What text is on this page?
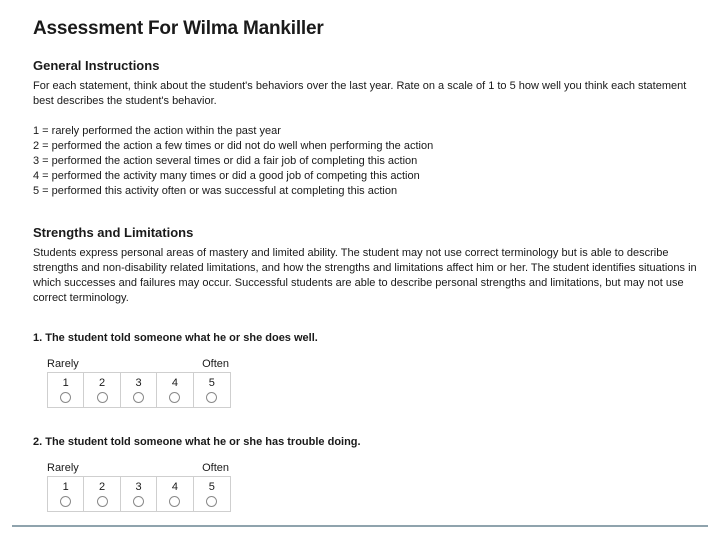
Assessment For Wilma Mankiller
General Instructions

For each statement, think about the student's behaviors over the last year. Rate on a scale of 1 to 5 how well you think each statement best describes the student's behavior.

1 = rarely performed the action within the past year
2 = performed the action a few times or did not do well when performing the action
3 = performed the action several times or did a fair job of completing this action
4 = performed the activity many times or did a good job of competing this action
5 = performed this activity often or was successful at completing this action
Strengths and Limitations

Students express personal areas of mastery and limited ability. The student may not use correct terminology but is able to describe strengths and non-disability related limitations, and how the strengths and limitations affect him or her. The student identifies situations in which successes and failures may occur. Successful students are able to describe personal strengths and limitations, but may not use correct terminology.

1. The student told someone what he or she does well.
Rarely	Often
1	2	3	4	5
2. The student told someone what he or she has trouble doing.
Rarely	Often
1	2	3	4	5
